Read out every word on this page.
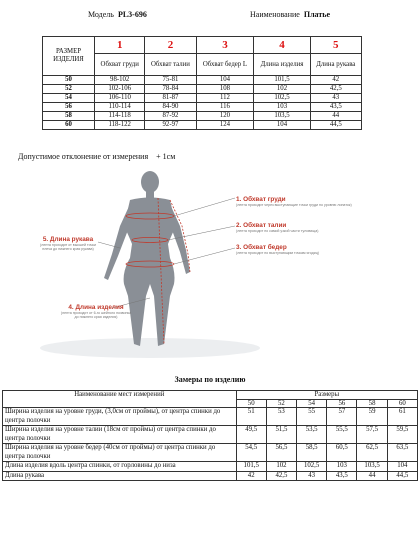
Модель PL3-696	Наименование Платье
РАЗМЕР ИЗДЕЛИЯ	1	2	3	4	5
	Обхват груди	Обхват талии	Обхват бедер L	Длина изделия	Длина рукава
50	98-102	75-81	104	101,5	42
52	102-106	78-84	108	102	42,5
54	106-110	81-87	112	102,5	43
56	110-114	84-90	116	103	43,5
58	114-118	87-92	120	103,5	44
60	118-122	92-97	124	104	44,5
Допустимое отклонение от измерения + 1см
1. Обхват груди
(лента проходит через выступающие точки груди по уровню лопаток)
2. Обхват талии
(лента проходит по самой узкой части туловища)
3. Обхват бедер
(лента проходит по выступающим точкам ягодиц)
5. Длина рукава
(лента проходит от высшей точки плеча до нижнего края рукава)
4. Длина изделия
(лента проходит от 6-го шейного позвонка до нижнего края изделия)
Замеры по изделию
Наименование мест измерений	Размеры					
	50	52	54	56	58	60
Ширина изделия на уровне груди, (3,0см от проймы), от центра спинки до центра полочки	51	53	55	57	59	61
Ширина изделия на уровне талии (18см от проймы) от центра спинки до центра полочки	49,5	51,5	53,5	55,5	57,5	59,5
Ширина изделия на уровне бедер (40см от проймы) от центра спинки до центра полочки	54,5	56,5	58,5	60,5	62,5	63,5
Длина изделия вдоль центра спинки, от горловины до низа	101,5	102	102,5	103	103,5	104
Длина рукава	42	42,5	43	43,5	44	44,5
